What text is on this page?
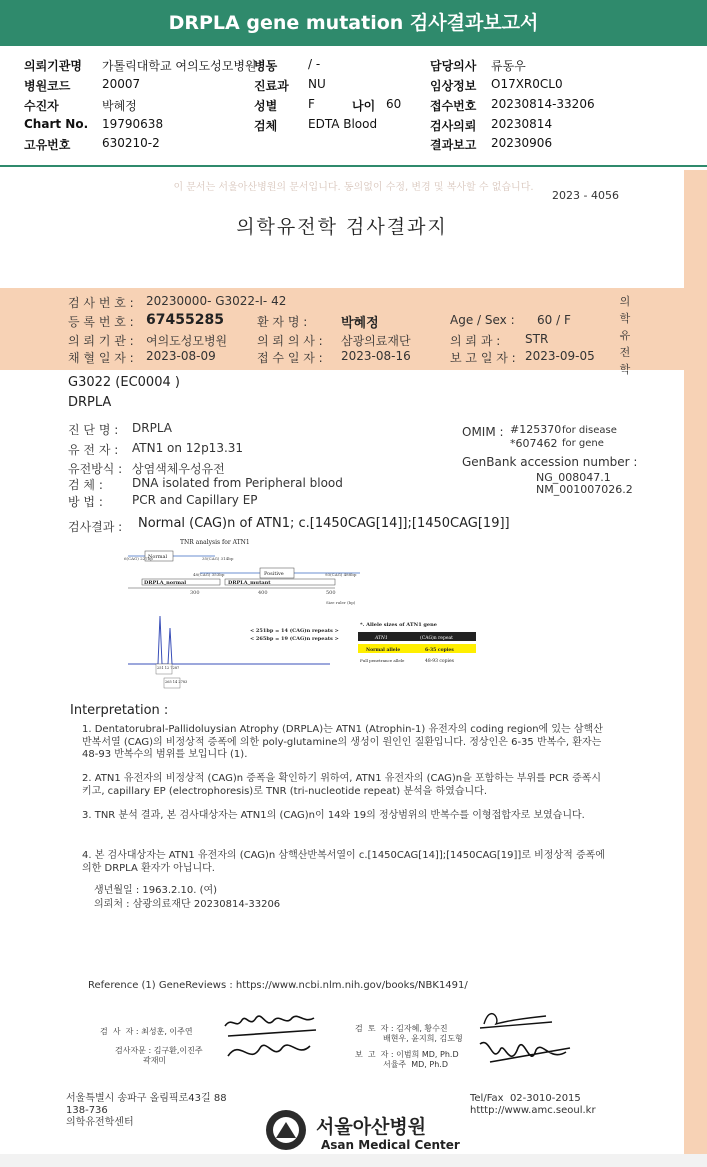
DRPLA gene mutation 검사결과보고서
의뢰기관명 가톨릭대학교 여의도성모병원
병동	/ -	담당의사 류동우
병원코드	20007	진료과 NU	임상정보 O17XR0CL0
수진자	박혜정	성별	F	나이 60 접수번호 20230814-33206
Chart No. 19790638	검체	EDTA Blood	검사의뢰 20230814
고유번호	630210-2	결과보고 20230906
이 문서는 서울아산병원의 문서입니다. 동의없이 수정, 변경 및 복사할 수 없습니다.
2023 - 4056
의학유전학 검사결과지
검 사 번 호 : 20230000- G3022-I- 42
등 록 번 호 : 67455285	환 자 명 :	박혜정	Age / Sex : 60 / F
의 뢰 기 관 : 여의도성모병원 의 뢰 의 사 : 삼광의료재단	의 뢰 과 : STR
채 혈 일 자 : 2023-08-09	접 수 일 자 : 2023-08-16	보 고 일 자 : 2023-09-05
의
학
유
전
학
G3022 (EC0004 )
DRPLA
진 단 명 : DRPLA
유 전 자 : ATN1 on 12p13.31
유전방식 : 상염색체우성유전
검 체 : DNA isolated from Peripheral blood
방 법 : PCR and Capillary EP
OMIM : #125370 for disease
*607462 for gene
GenBank accession number :
NG_008047.1
NM_001007026.2
검사결과 : Normal (CAG)n of ATN1; c.[1450CAG[14]];[1450CAG[19]]
TNR analysis for ATN1
Normal	35(CAG) 314bp
6(CAG) 227bp
Positive
48(CAG) 353bp	93(CAG) 488bp
DRPLA_normal	DRPLA_mutant
300	400	500
Size ruler (bp)
251 12 7287
265 14 2783
< 251bp = 14 (CAG)n repeats >
< 265bp = 19 (CAG)n repeats >
*. Allele sizes of ATN1 gene
ATN1	(CAG)n repeat
Normal allele	6-35 copies
Full penetrance allele	48-93 copies
Interpretation :
1. Dentatorubral-Pallidoluysian Atrophy (DRPLA)는 ATN1 (Atrophin-1) 유전자의 coding region에 있는 삼핵산반복서열 (CAG)의 비정상적 증폭에 의한 poly-glutamine의 생성이 원인인 질환입니다. 정상인은 6-35 반복수, 환자는 48-93 반복수의 범위를 보입니다 (1).
2. ATN1 유전자의 비정상적 (CAG)n 증폭을 확인하기 위하여, ATN1 유전자의 (CAG)n을 포함하는 부위를 PCR 증폭시키고, capillary EP (electrophoresis)로 TNR (tri-nucleotide repeat) 분석을 하였습니다.
3. TNR 분석 결과, 본 검사대상자는 ATN1의 (CAG)n이 14와 19의 정상범위의 반복수를 이형접합자로 보였습니다.
4. 본 검사대상자는 ATN1 유전자의 (CAG)n 삼핵산반복서열이 c.[1450CAG[14]];[1450CAG[19]]로 비정상적 증폭에 의한 DRPLA 환자가 아닙니다.
생년월일 : 1963.2.10. (여)
의뢰처 : 삼광의료재단 20230814-33206
Reference (1) GeneReviews : https://www.ncbi.nlm.nih.gov/books/NBK1491/
검  사  자 : 최성훈, 이주연
검사자문 : 김구환,이진주
곽재미
검  토  자 : 김자혜, 황수진
배현우, 윤지희, 김도형
보  고  자 : 이범희 MD, Ph.D
서율주  MD, Ph.D
서울특별시 송파구 올림픽로43길 88
138-736
의학유전학센터
Tel/Fax  02-3010-2015
htttp://www.amc.seoul.kr
서울아산병원
Asan Medical Center
